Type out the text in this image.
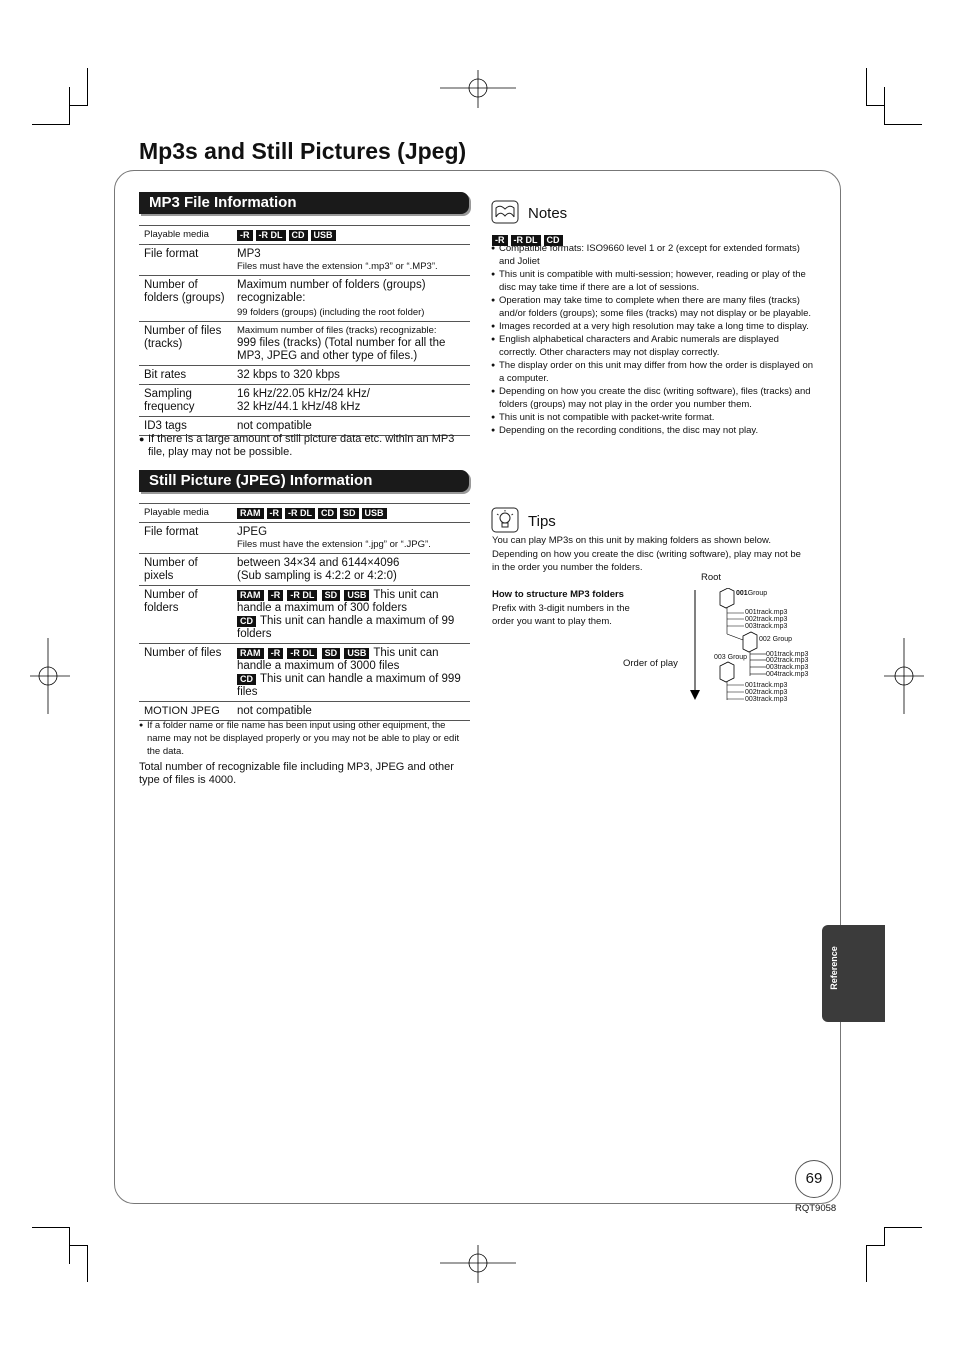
Mp3s and Still Pictures (Jpeg)
MP3 File Information
Playable media	-R -R DL CD USB
File format	MP3
Files must have the extension “.mp3” or “.MP3”.

Number of folders (groups)	Maximum number of folders (groups) recognizable:
99 folders (groups) (including the root folder)

Number of files (tracks)	Maximum number of files (tracks) recognizable:
999 files (tracks) (Total number for all the MP3, JPEG and other type of files.)

Bit rates	32 kbps to 320 kbps
Sampling frequency	16 kHz/22.05 kHz/24 kHz/
32 kHz/44.1 kHz/48 kHz

ID3 tags	not compatible
● If there is a large amount of still picture data etc. within an MP3 file, play may not be possible.
Still Picture (JPEG) Information
Playable media	RAM -R -R DL CD SD USB
File format	JPEG
Files must have the extension “.jpg” or “.JPG”.

Number of pixels	between 34×34 and 6144×4096
(Sub sampling is 4:2:2 or 4:2:0)

Number of folders	RAM -R -R DL SD USB This unit can handle a maximum of 300 folders
CD This unit can handle a maximum of 99 folders
Number of files	RAM -R -R DL SD USB This unit can handle a maximum of 3000 files
CD This unit can handle a maximum of 999 files
MOTION JPEG	not compatible
● If a folder name or file name has been input using other equipment, the name may not be displayed properly or you may not be able to play or edit the data.
Total number of recognizable file including MP3, JPEG and other type of files is 4000.
Notes
-R -R DL CD
● Compatible formats: ISO9660 level 1 or 2 (except for extended formats) and Joliet
● This unit is compatible with multi-session; however, reading or play of the disc may take time if there are a lot of sessions.
● Operation may take time to complete when there are many files (tracks) and/or folders (groups); some files (tracks) may not display or be playable.
● Images recorded at a very high resolution may take a long time to display.
● English alphabetical characters and Arabic numerals are displayed correctly. Other characters may not display correctly.
● The display order on this unit may differ from how the order is displayed on a computer.
● Depending on how you create the disc (writing software), files (tracks) and folders (groups) may not play in the order you number them.
● This unit is not compatible with packet-write format.
● Depending on the recording conditions, the disc may not play.
Tips
You can play MP3s on this unit by making folders as shown below. Depending on how you create the disc (writing software), play may not be in the order you number the folders.
How to structure MP3 folders
Prefix with 3-digit numbers in the order you want to play them.
Root
Order of play
001Group
001track.mp3
002track.mp3
003track.mp3
002 Group
001track.mp3
002track.mp3
003track.mp3
004track.mp3
003 Group
001track.mp3
002track.mp3
003track.mp3
Reference
69
RQT9058
